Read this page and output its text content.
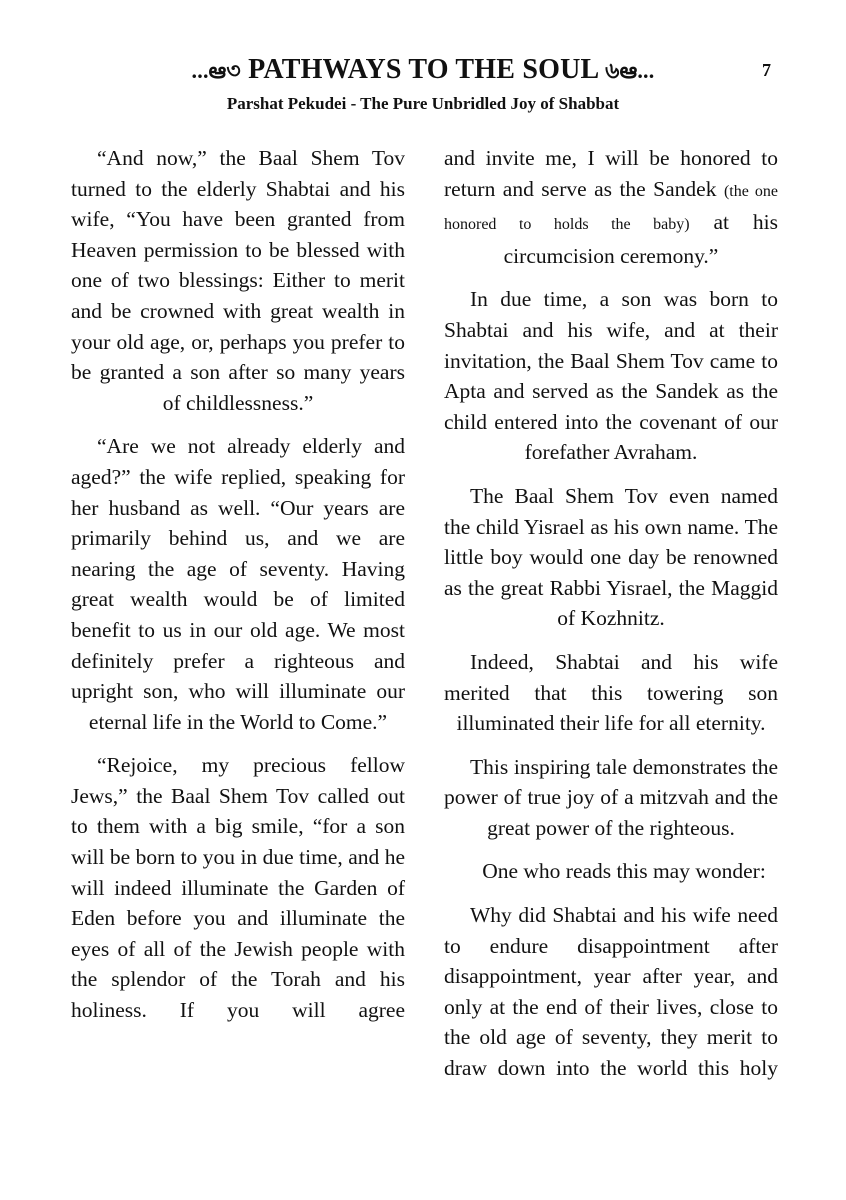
...ఆ৩ PATHWAYS TO THE SOUL ৬ఆ...	7
Parshat Pekudei - The Pure Unbridled Joy of Shabbat

“And now,” the Baal Shem Tov turned to the elderly Shabtai and his wife, “You have been granted from Heaven permission to be blessed with one of two blessings: Either to merit and be crowned with great wealth in your old age, or, perhaps you prefer to be granted a son after so many years of childlessness.”

“Are we not already elderly and aged?” the wife replied, speaking for her husband as well. “Our years are primarily behind us, and we are nearing the age of seventy. Having great wealth would be of limited benefit to us in our old age. We most definitely prefer a righteous and upright son, who will illuminate our eternal life in the World to Come.”

“Rejoice, my precious fellow Jews,” the Baal Shem Tov called out to them with a big smile, “for a son will be born to you in due time, and he will indeed illuminate the Garden of Eden before you and illuminate the eyes of all of the Jewish people with the splendor of the Torah and his holiness. If you will agree

and invite me, I will be honored to return and serve as the Sandek (the one honored to holds the baby) at his circumcision ceremony.”

In due time, a son was born to Shabtai and his wife, and at their invitation, the Baal Shem Tov came to Apta and served as the Sandek as the child entered into the covenant of our forefather Avraham.

The Baal Shem Tov even named the child Yisrael as his own name. The little boy would one day be renowned as the great Rabbi Yisrael, the Maggid of Kozhnitz.

Indeed, Shabtai and his wife merited that this towering son illuminated their life for all eternity.

This inspiring tale demonstrates the power of true joy of a mitzvah and the great power of the righteous.

One who reads this may wonder:

Why did Shabtai and his wife need to endure disappointment after disappointment, year after year, and only at the end of their lives, close to the old age of seventy, they merit to draw down into the world this holy
